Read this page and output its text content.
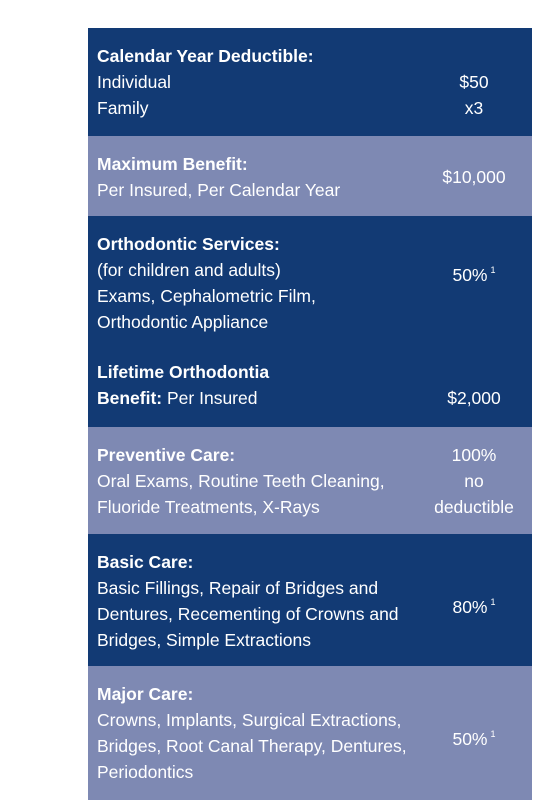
Calendar Year Deductible:
Individual
Family
$50
x3
Maximum Benefit:
Per Insured, Per Calendar Year
$10,000
Orthodontic Services:
(for children and adults)
Exams, Cephalometric Film,
Orthodontic Appliance
50% $^1$
Lifetime Orthodontia
Benefit: Per Insured	$2,000
Preventive Care:
Oral Exams, Routine Teeth Cleaning,
Fluoride Treatments, X-Rays
100%
no
deductible
Basic Care:
Basic Fillings, Repair of Bridges and
Dentures, Recementing of Crowns and
Bridges, Simple Extractions
80% $^1$
Major Care:
Crowns, Implants, Surgical Extractions,
Bridges, Root Canal Therapy, Dentures,
Periodontics
50% $^1$
